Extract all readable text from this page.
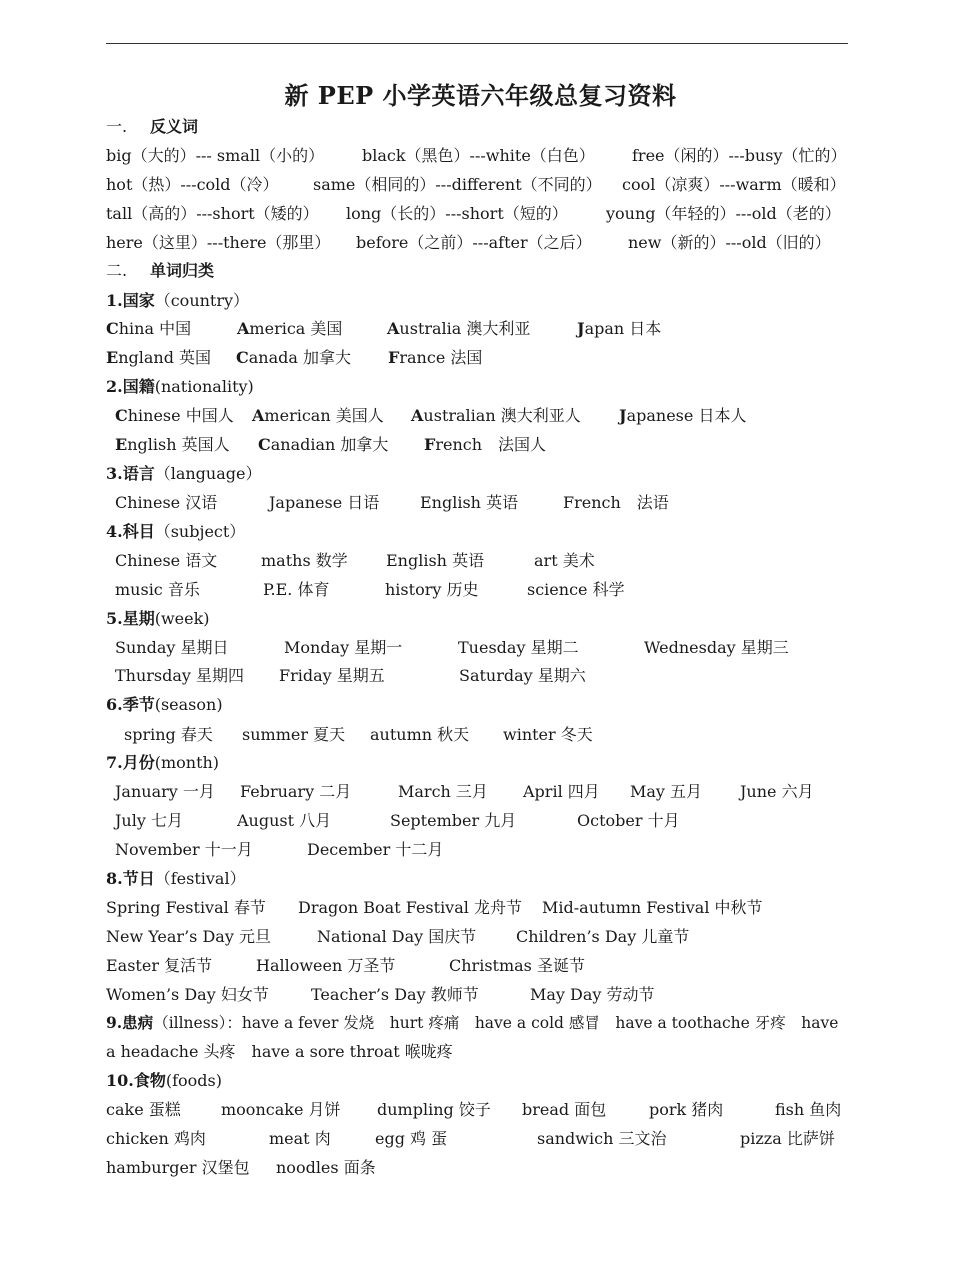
新 PEP 小学英语六年级总复习资料
一. 反义词
big（大的）--- small（小的） black（黑色）---white（白色） free（闲的）---busy（忙的）
hot（热）---cold（冷） same（相同的）---different（不同的） cool（凉爽）---warm（暖和）
tall（高的）---short（矮的） long（长的）---short（短的） young（年轻的）---old（老的）
here（这里）---there（那里） before（之前）---after（之后） new（新的）---old（旧的）
二. 单词归类
1.国家（country）
China 中国	America 美国	Australia 澳大利亚	Japan 日本
England 英国 Canada 加拿大 France 法国
2.国籍(nationality)
Chinese 中国人 American 美国人 Australian 澳大利亚人 Japanese 日本人
English 英国人 Canadian 加拿大 French　法国人
3.语言（language）
Chinese 汉语	Japanese 日语	English 英语	French　法语
4.科目（subject）
Chinese 语文	maths 数学 English 英语	art 美术
music 音乐	P.E. 体育	history 历史	science 科学
5.星期(week)
Sunday 星期日	Monday 星期一	Tuesday 星期二	Wednesday 星期三
Thursday 星期四 Friday 星期五	Saturday 星期六
6.季节(season)
spring 春天 summer 夏天 autumn 秋天 winter 冬天
7.月份(month)
January 一月 February 二月	March 三月 April 四月 May 五月 June 六月
July 七月	August 八月	September 九月	October 十月
November 十一月	December 十二月
8.节日（festival）
Spring Festival 春节 Dragon Boat Festival 龙舟节 Mid-autumn Festival 中秋节
New Year’s Day 元旦	National Day 国庆节 Children’s Day 儿童节
Easter 复活节	Halloween 万圣节	Christmas 圣诞节
Women’s Day 妇女节	Teacher’s Day 教师节	May Day 劳动节
9.患病（illness）：have a fever 发烧　hurt 疼痛　have a cold 感冒　have a toothache 牙疼　have
a headache 头疼　have a sore throat 喉咙疼
10.食物(foods)
cake 蛋糕	mooncake 月饼 dumpling 饺子 bread 面包	pork 猪肉	fish 鱼肉
chicken 鸡肉	meat 肉	egg 鸡 蛋	sandwich 三文治	pizza 比萨饼
hamburger 汉堡包 noodles 面条
